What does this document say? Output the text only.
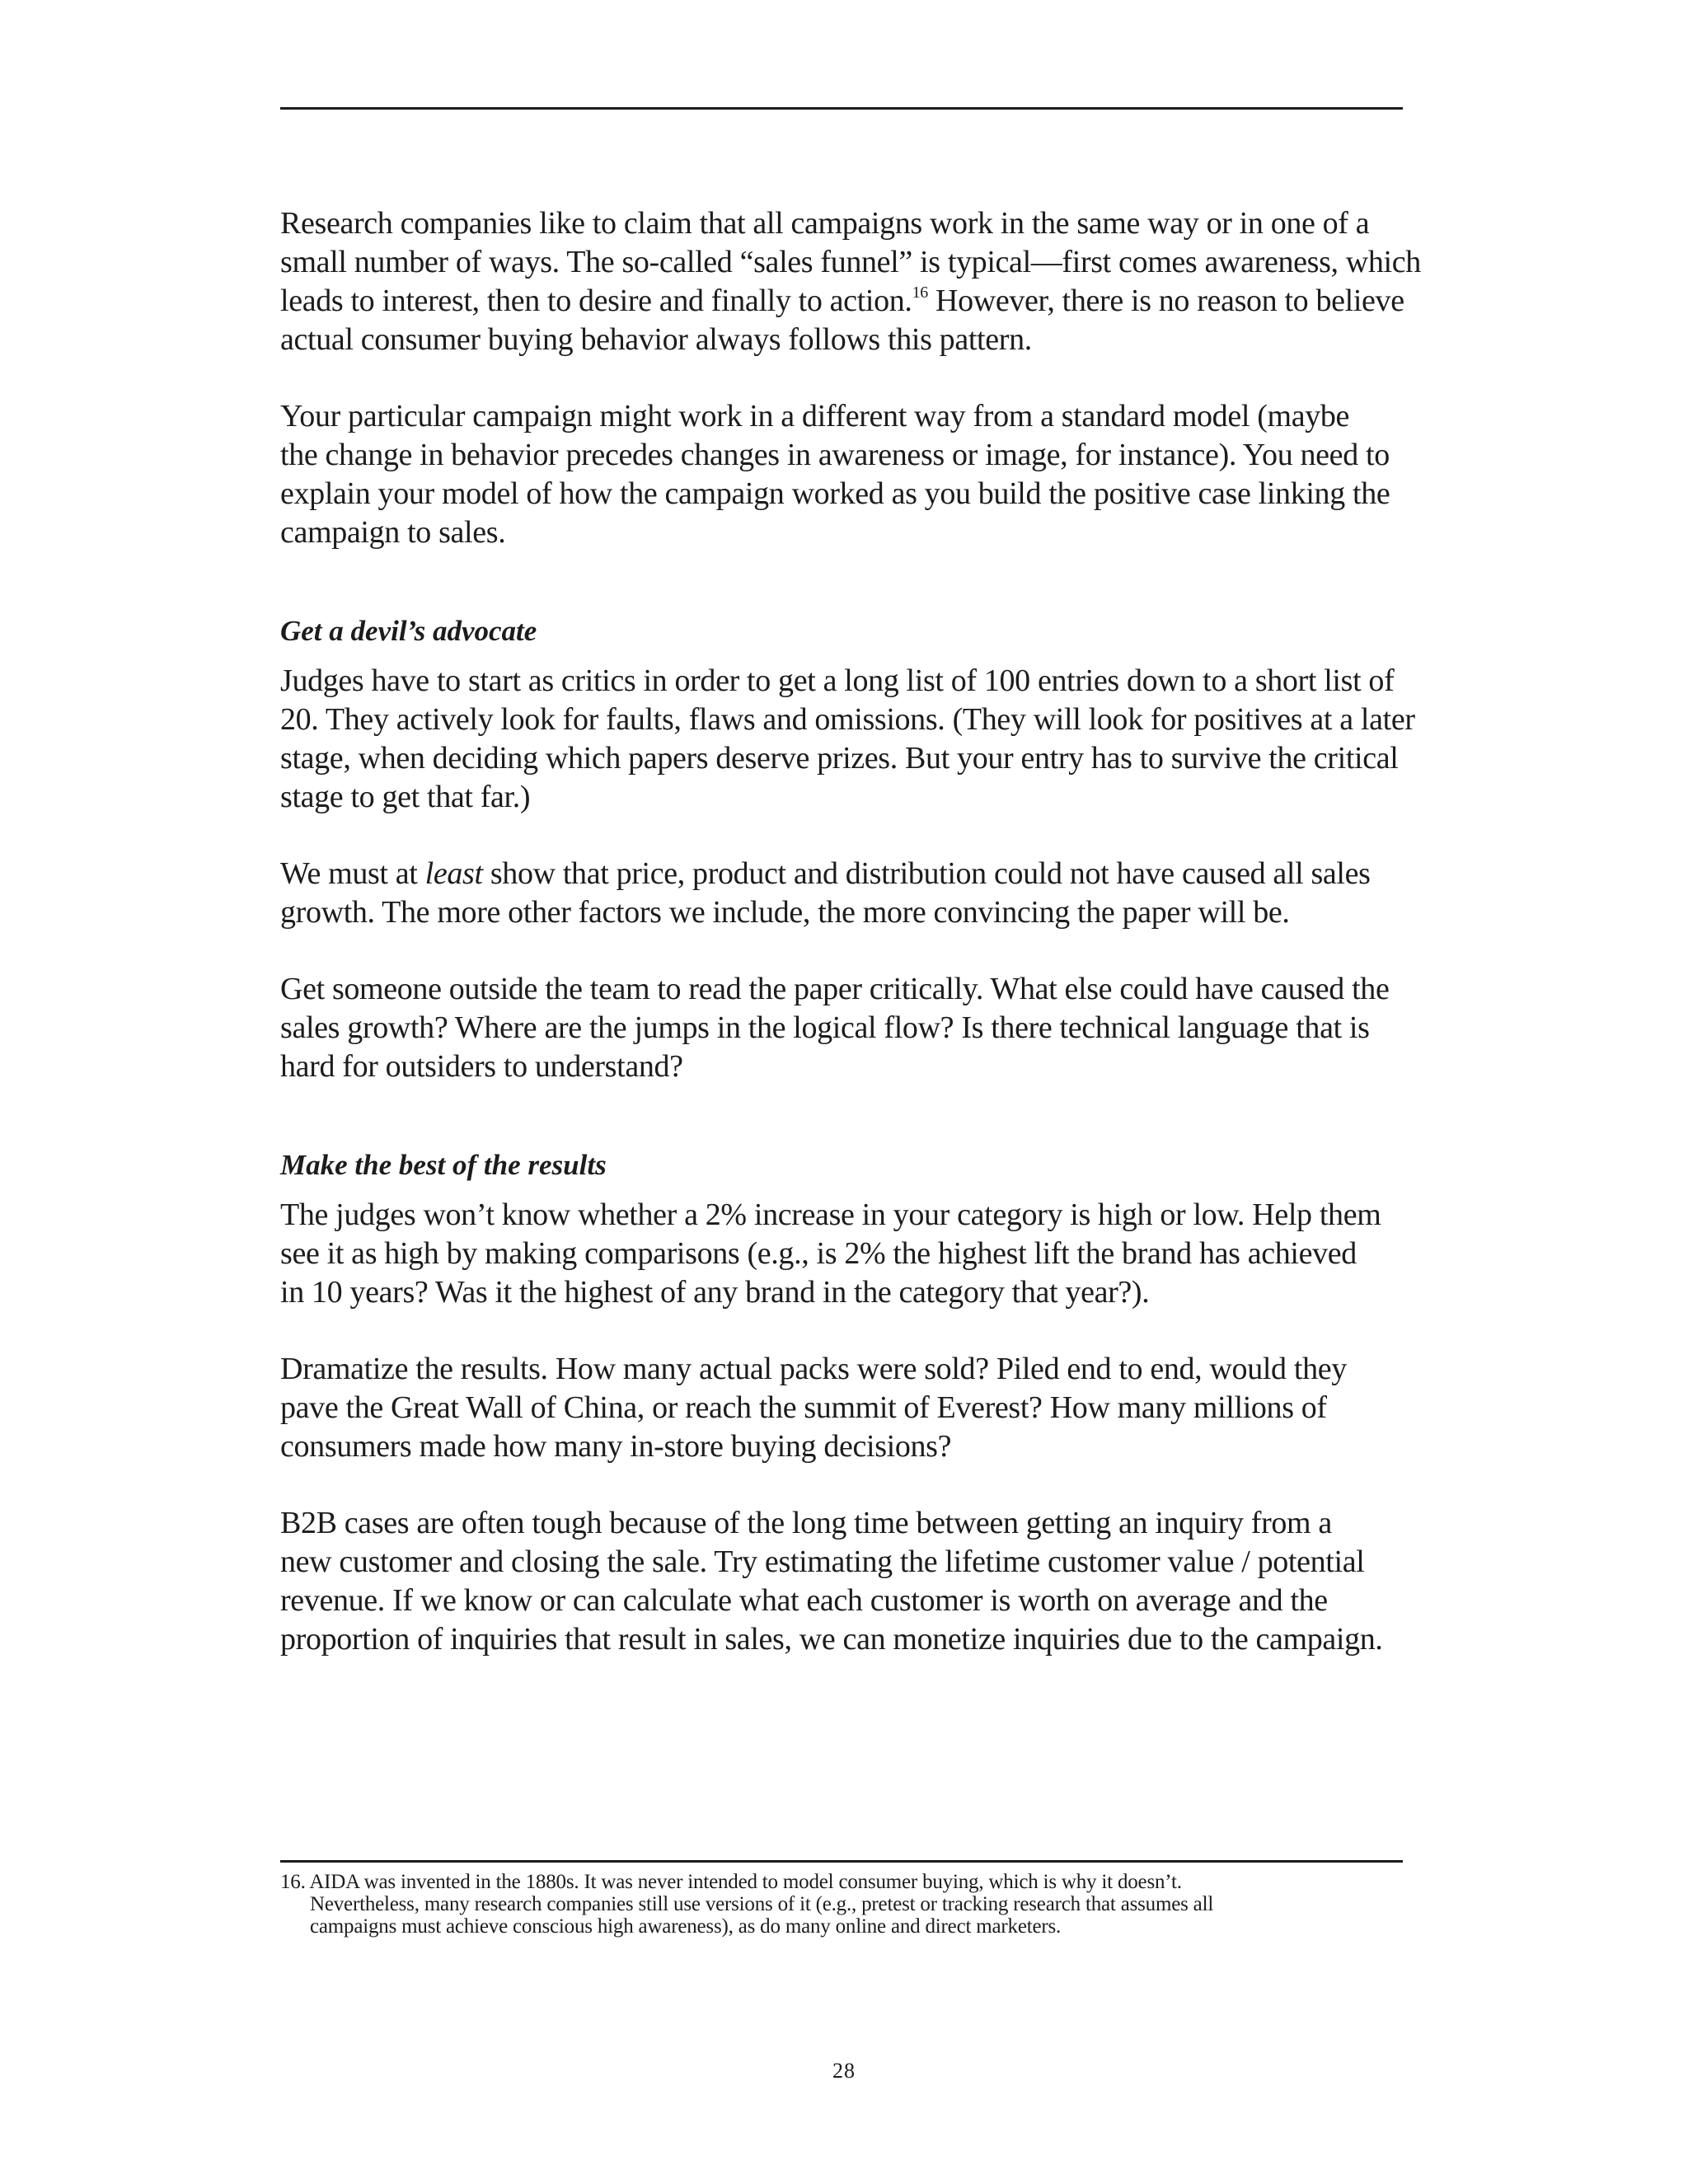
Research companies like to claim that all campaigns work in the same way or in one of a
small number of ways. The so-called “sales funnel” is typical—first comes awareness, which
leads to interest, then to desire and finally to action.$^{16}$ However, there is no reason to believe
actual consumer buying behavior always follows this pattern.

Your particular campaign might work in a different way from a standard model (maybe
the change in behavior precedes changes in awareness or image, for instance). You need to
explain your model of how the campaign worked as you build the positive case linking the
campaign to sales.

Get a devil’s advocate

Judges have to start as critics in order to get a long list of 100 entries down to a short list of
20. They actively look for faults, flaws and omissions. (They will look for positives at a later
stage, when deciding which papers deserve prizes. But your entry has to survive the critical
stage to get that far.)

We must at least show that price, product and distribution could not have caused all sales
growth. The more other factors we include, the more convincing the paper will be.

Get someone outside the team to read the paper critically. What else could have caused the
sales growth? Where are the jumps in the logical flow? Is there technical language that is
hard for outsiders to understand?

Make the best of the results

The judges won’t know whether a 2% increase in your category is high or low. Help them
see it as high by making comparisons (e.g., is 2% the highest lift the brand has achieved
in 10 years? Was it the highest of any brand in the category that year?).

Dramatize the results. How many actual packs were sold? Piled end to end, would they
pave the Great Wall of China, or reach the summit of Everest? How many millions of
consumers made how many in-store buying decisions?

B2B cases are often tough because of the long time between getting an inquiry from a
new customer and closing the sale. Try estimating the lifetime customer value / potential
revenue. If we know or can calculate what each customer is worth on average and the
proportion of inquiries that result in sales, we can monetize inquiries due to the campaign.

16. AIDA was invented in the 1880s. It was never intended to model consumer buying, which is why it doesn’t.
Nevertheless, many research companies still use versions of it (e.g., pretest or tracking research that assumes all
campaigns must achieve conscious high awareness), as do many online and direct marketers.
28
